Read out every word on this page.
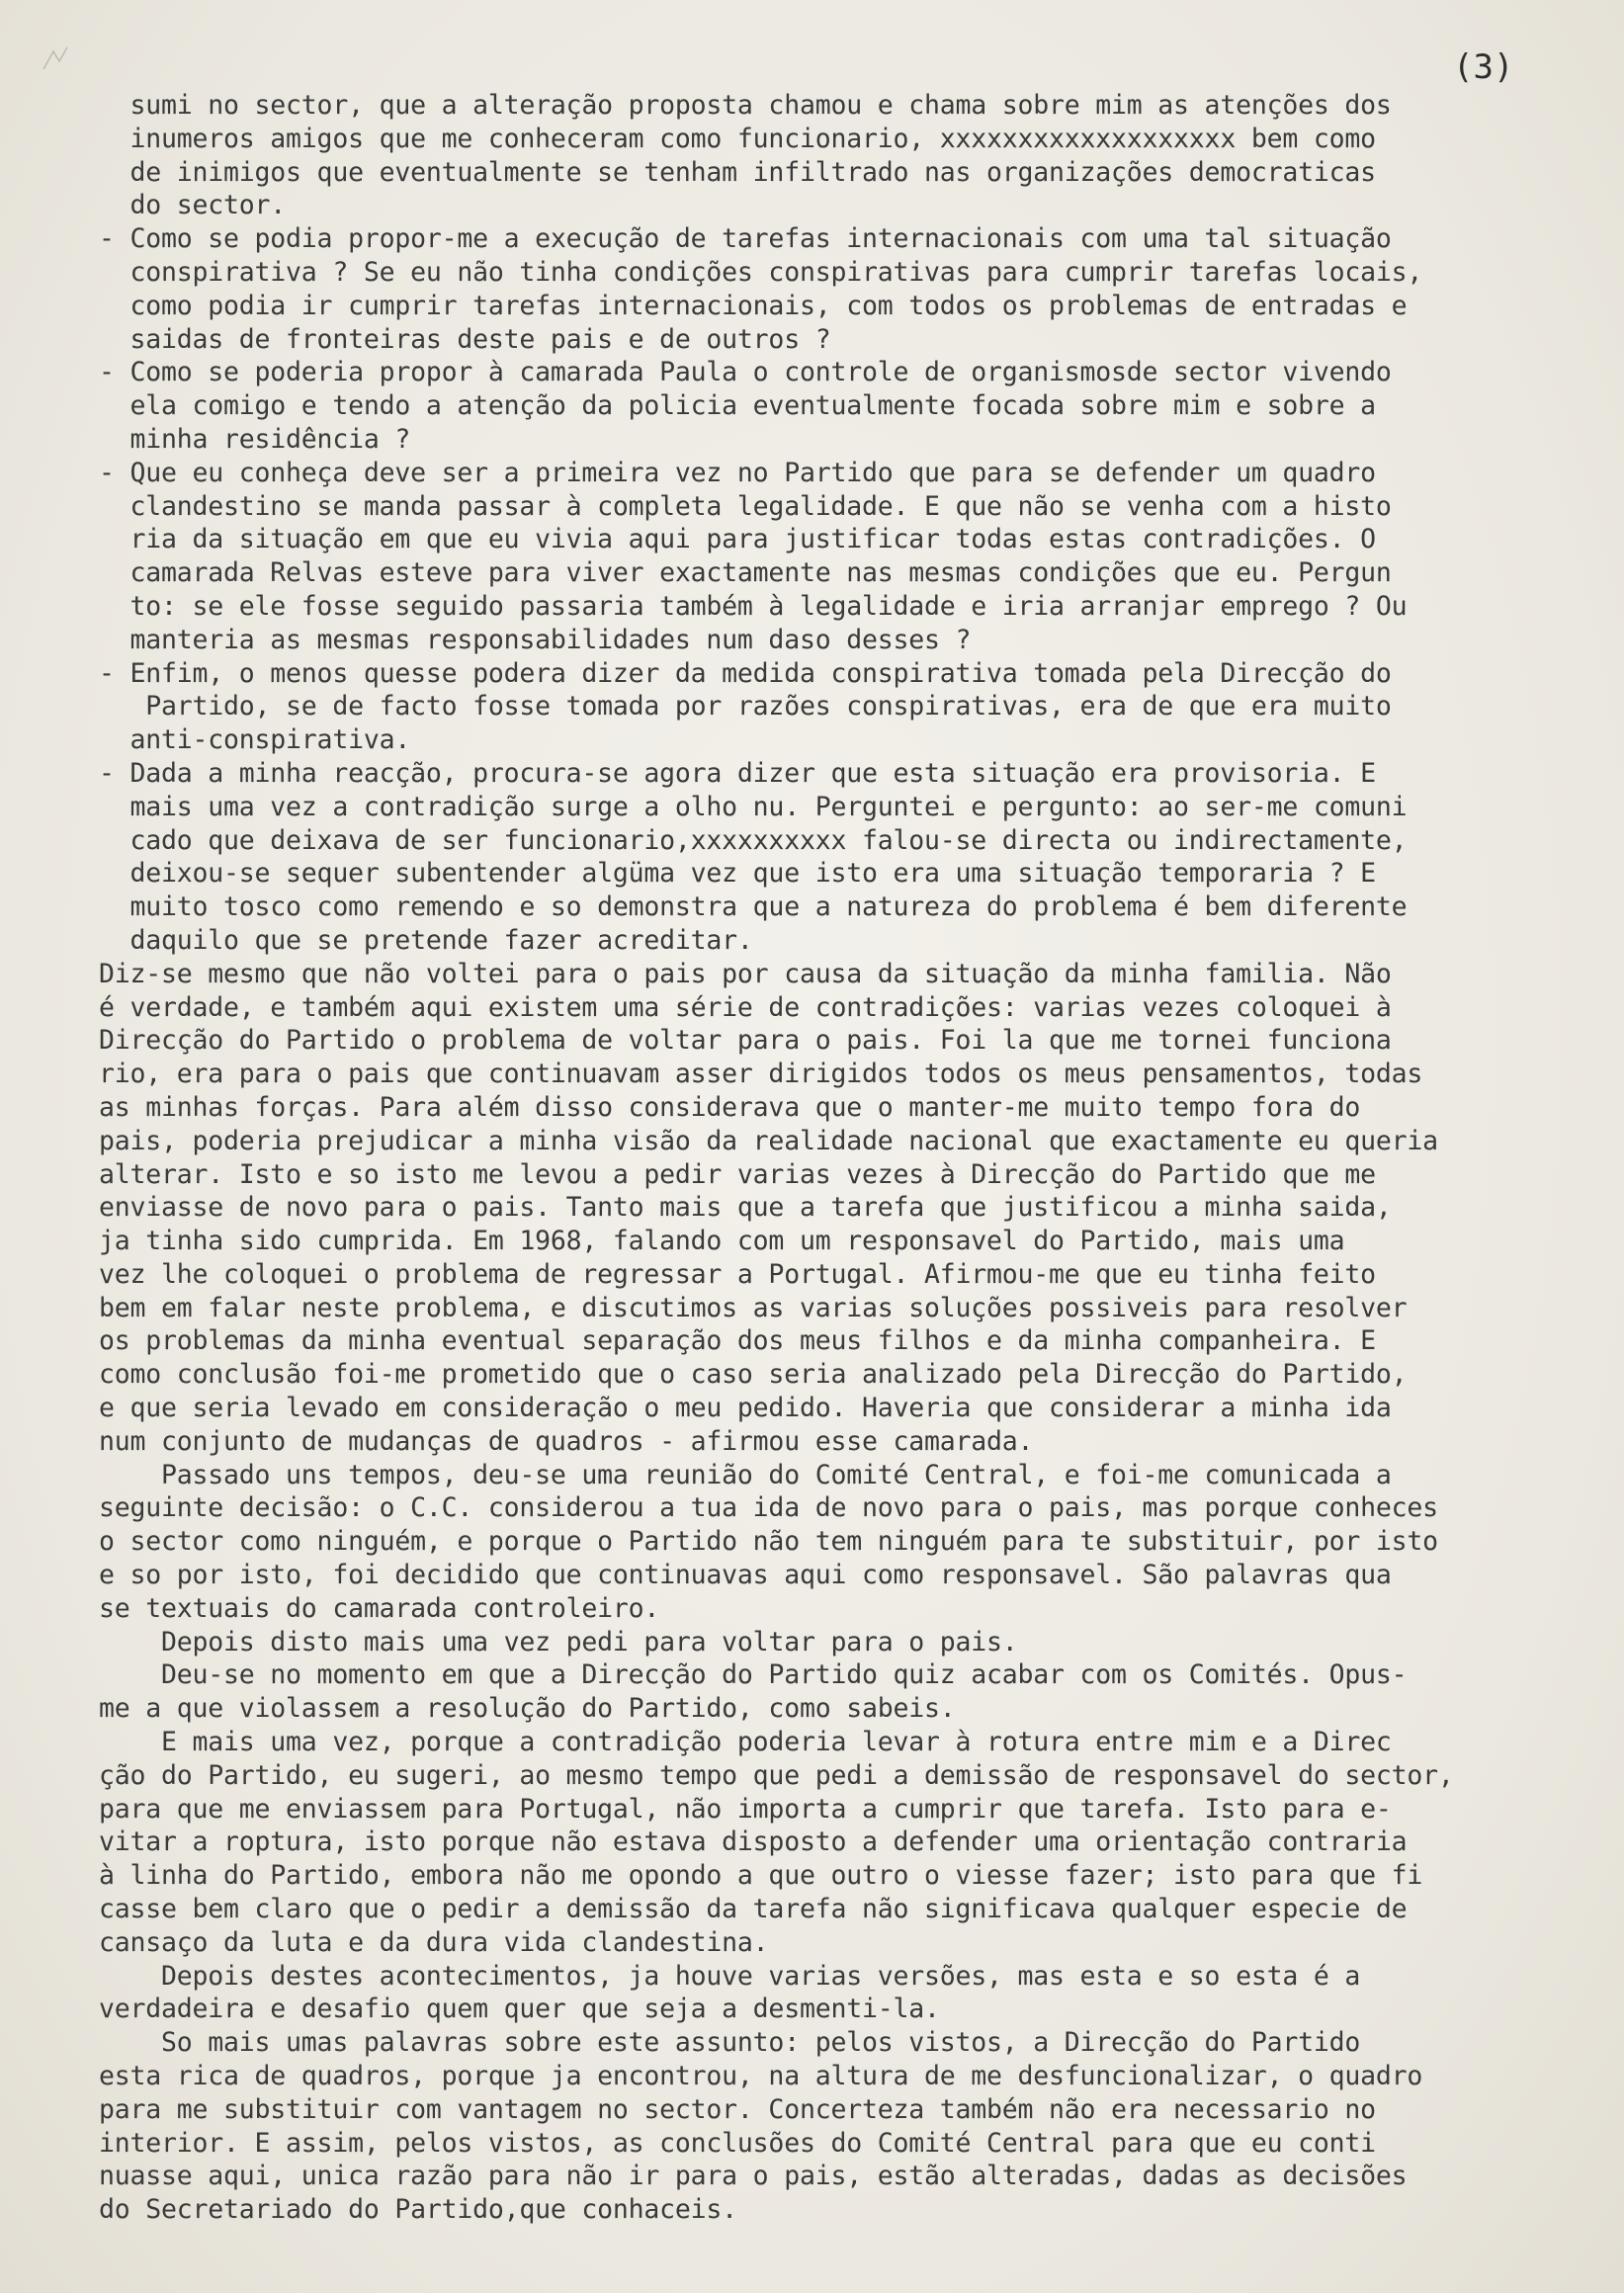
(3)
sumi no sector, que a alteração proposta chamou e chama sobre mim as atenções dos
inumeros amigos que me conheceram como funcionario, xxxxxxxxxxxxxxxxxxx bem como
de inimigos que eventualmente se tenham infiltrado nas organizações democraticas
do sector.
- Como se podia propor-me a execução de tarefas internacionais com uma tal situação
conspirativa ? Se eu não tinha condições conspirativas para cumprir tarefas locais,
como podia ir cumprir tarefas internacionais, com todos os problemas de entradas e
saidas de fronteiras deste pais e de outros ?
- Como se poderia propor à camarada Paula o controle de organismosde sector vivendo
ela comigo e tendo a atenção da policia eventualmente focada sobre mim e sobre a
minha residência ?
- Que eu conheça deve ser a primeira vez no Partido que para se defender um quadro
clandestino se manda passar à completa legalidade. E que não se venha com a histo
ria da situação em que eu vivia aqui para justificar todas estas contradições. O
camarada Relvas esteve para viver exactamente nas mesmas condições que eu. Pergun
to: se ele fosse seguido passaria também à legalidade e iria arranjar emprego ? Ou
manteria as mesmas responsabilidades num daso desses ?
- Enfim, o menos quesse podera dizer da medida conspirativa tomada pela Direcção do
Partido, se de facto fosse tomada por razões conspirativas, era de que era muito
anti-conspirativa.
- Dada a minha reacção, procura-se agora dizer que esta situação era provisoria. E
mais uma vez a contradição surge a olho nu. Perguntei e pergunto: ao ser-me comuni
cado que deixava de ser funcionario,xxxxxxxxxx falou-se directa ou indirectamente,
deixou-se sequer subentender algüma vez que isto era uma situação temporaria ? E
muito tosco como remendo e so demonstra que a natureza do problema é bem diferente
daquilo que se pretende fazer acreditar.
Diz-se mesmo que não voltei para o pais por causa da situação da minha familia. Não
é verdade, e também aqui existem uma série de contradições: varias vezes coloquei à
Direcção do Partido o problema de voltar para o pais. Foi la que me tornei funciona
rio, era para o pais que continuavam asser dirigidos todos os meus pensamentos, todas
as minhas forças. Para além disso considerava que o manter-me muito tempo fora do
pais, poderia prejudicar a minha visão da realidade nacional que exactamente eu queria
alterar. Isto e so isto me levou a pedir varias vezes à Direcção do Partido que me
enviasse de novo para o pais. Tanto mais que a tarefa que justificou a minha saida,
ja tinha sido cumprida. Em 1968, falando com um responsavel do Partido, mais uma
vez lhe coloquei o problema de regressar a Portugal. Afirmou-me que eu tinha feito
bem em falar neste problema, e discutimos as varias soluções possiveis para resolver
os problemas da minha eventual separação dos meus filhos e da minha companheira. E
como conclusão foi-me prometido que o caso seria analizado pela Direcção do Partido,
e que seria levado em consideração o meu pedido. Haveria que considerar a minha ida
num conjunto de mudanças de quadros - afirmou esse camarada.
Passado uns tempos, deu-se uma reunião do Comité Central, e foi-me comunicada a
seguinte decisão: o C.C. considerou a tua ida de novo para o pais, mas porque conheces
o sector como ninguém, e porque o Partido não tem ninguém para te substituir, por isto
e so por isto, foi decidido que continuavas aqui como responsavel. São palavras qua
se textuais do camarada controleiro.
Depois disto mais uma vez pedi para voltar para o pais.
Deu-se no momento em que a Direcção do Partido quiz acabar com os Comités. Opus-
me a que violassem a resolução do Partido, como sabeis.
E mais uma vez, porque a contradição poderia levar à rotura entre mim e a Direc
ção do Partido, eu sugeri, ao mesmo tempo que pedi a demissão de responsavel do sector,
para que me enviassem para Portugal, não importa a cumprir que tarefa. Isto para e-
vitar a roptura, isto porque não estava disposto a defender uma orientação contraria
à linha do Partido, embora não me opondo a que outro o viesse fazer; isto para que fi
casse bem claro que o pedir a demissão da tarefa não significava qualquer especie de
cansaço da luta e da dura vida clandestina.
Depois destes acontecimentos, ja houve varias versões, mas esta e so esta é a
verdadeira e desafio quem quer que seja a desmenti-la.
So mais umas palavras sobre este assunto: pelos vistos, a Direcção do Partido
esta rica de quadros, porque ja encontrou, na altura de me desfuncionalizar, o quadro
para me substituir com vantagem no sector. Concerteza também não era necessario no
interior. E assim, pelos vistos, as conclusões do Comité Central para que eu conti
nuasse aqui, unica razão para não ir para o pais, estão alteradas, dadas as decisões
do Secretariado do Partido,que conhaceis.
